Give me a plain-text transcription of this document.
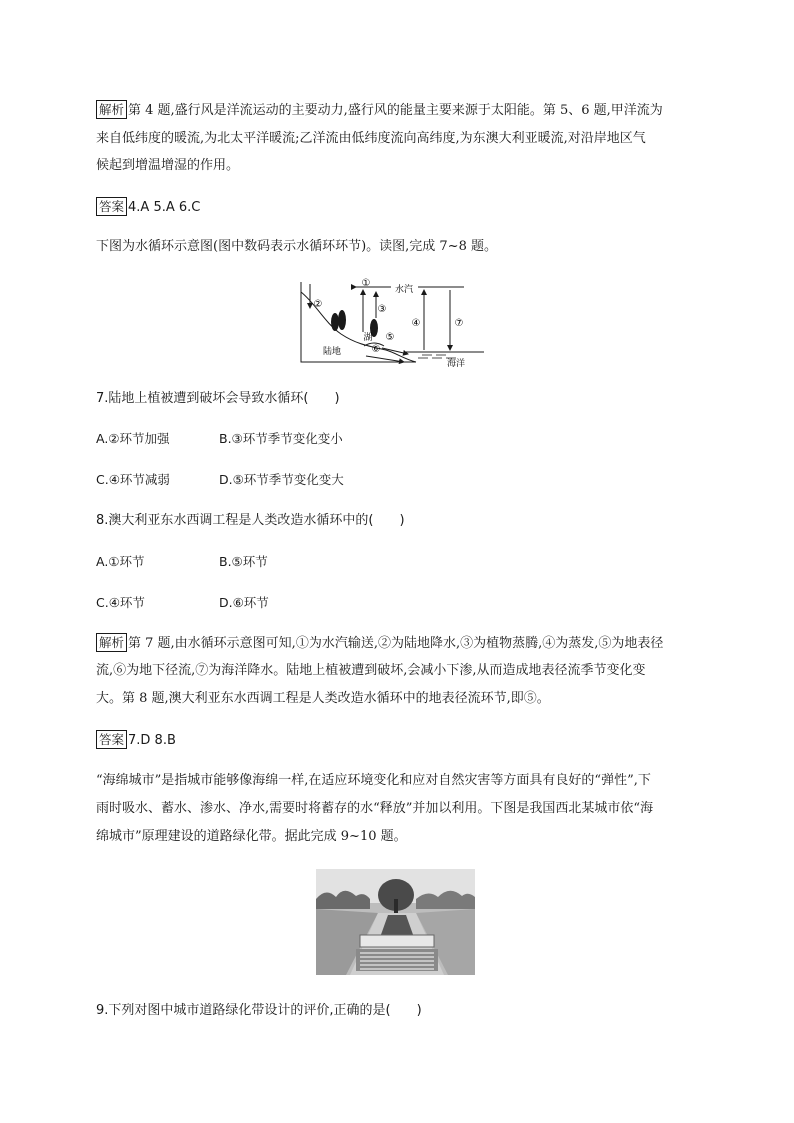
解析 第 4 题,盛行风是洋流运动的主要动力,盛行风的能量主要来源于太阳能。第 5、6 题,甲洋流为
来自低纬度的暖流,为北太平洋暖流;乙洋流由低纬度流向高纬度,为东澳大利亚暖流,对沿岸地区气
候起到增温增湿的作用。
答案 4.A 5.A 6.C
下图为水循环示意图(图中数码表示水循环环节)。读图,完成 7~8 题。
水汽
陆地
湖
海洋
①
②	③
④
⑤
⑥
⑦
7.陆地上植被遭到破坏会导致水循环(　　)
A.②环节加强	B.③环节季节变化变小
C.④环节减弱	D.⑤环节季节变化变大
8.澳大利亚东水西调工程是人类改造水循环中的(　　)
A.①环节	B.⑤环节
C.④环节	D.⑥环节
解析 第 7 题,由水循环示意图可知,①为水汽输送,②为陆地降水,③为植物蒸腾,④为蒸发,⑤为地表径
流,⑥为地下径流,⑦为海洋降水。陆地上植被遭到破坏,会减小下渗,从而造成地表径流季节变化变
大。第 8 题,澳大利亚东水西调工程是人类改造水循环中的地表径流环节,即⑤。
答案 7.D 8.B
“海绵城市”是指城市能够像海绵一样,在适应环境变化和应对自然灾害等方面具有良好的“弹性”,下
雨时吸水、蓄水、渗水、净水,需要时将蓄存的水“释放”并加以利用。下图是我国西北某城市依“海
绵城市”原理建设的道路绿化带。据此完成 9~10 题。
9.下列对图中城市道路绿化带设计的评价,正确的是(　　)
